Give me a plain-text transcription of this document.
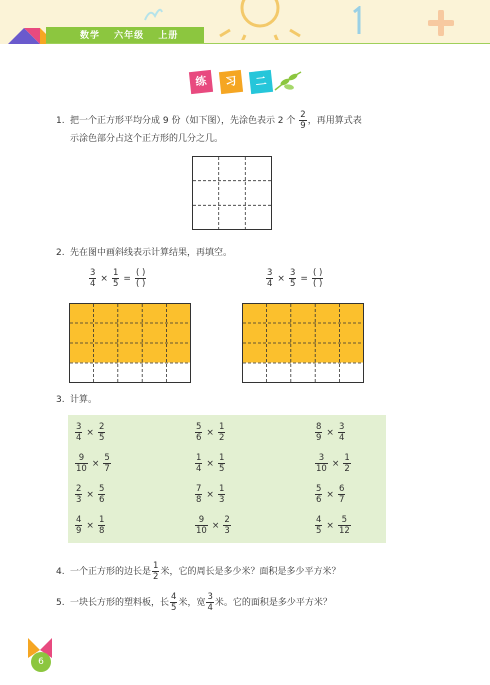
数学 六年级 上册
练 习 二
1. 把一个正方形平均分成 9 份（如下图），先涂色表示 2 个 $\frac{2}{9}$ ，再用算式表
示涂色部分占这个正方形的几分之几。
2. 先在图中画斜线表示计算结果，再填空。
$\frac{3}{4} \times \frac{1}{5} = \frac{( )}{( )}$	$\frac{3}{4} \times \frac{3}{5} = \frac{( )}{( )}$
3. 计算。
$\frac{3}{4} \times \frac{2}{5}$	$\frac{5}{6} \times \frac{1}{2}$	$\frac{8}{9} \times \frac{3}{4}$
$\frac{9}{10} \times \frac{5}{7}$	$\frac{1}{4} \times \frac{1}{5}$	$\frac{3}{10} \times \frac{1}{2}$
$\frac{2}{3} \times \frac{5}{6}$	$\frac{7}{8} \times \frac{1}{3}$	$\frac{5}{6} \times \frac{6}{7}$
$\frac{4}{9} \times \frac{1}{8}$	$\frac{9}{10} \times \frac{2}{3}$	$\frac{4}{5} \times \frac{5}{12}$
4. 一个正方形的边长是 $\frac{1}{2}$ 米，它的周长是多少米？面积是多少平方米？
5. 一块长方形的塑料板，长 $\frac{4}{5}$ 米，宽 $\frac{3}{4}$ 米。它的面积是多少平方米？
6
